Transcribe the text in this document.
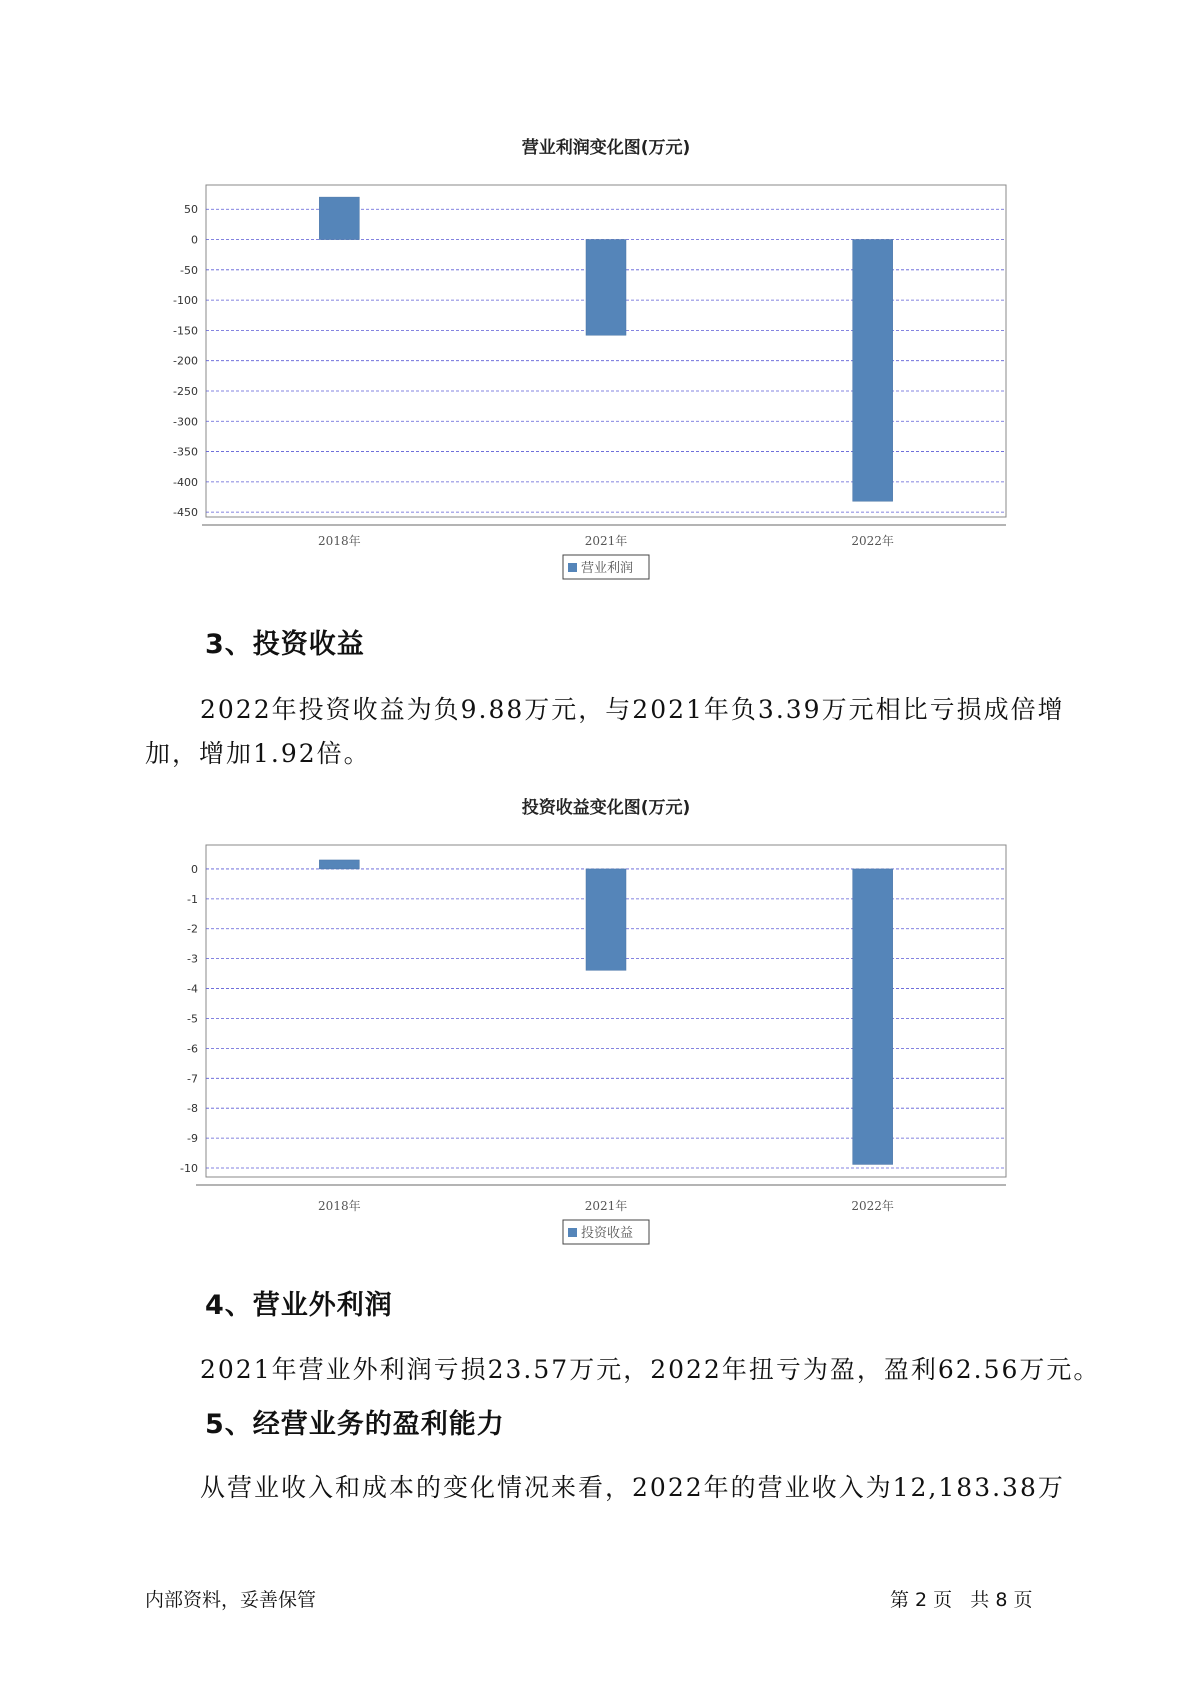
营业利润变化图(万元)
50
0
-50
-100
-150
-200
-250
-300
-350
-400
-450
2018年	2021年	2022年
营业利润
3、投资收益

2022年投资收益为负9.88万元，与2021年负3.39万元相比亏损成倍增

加，增加1.92倍。

投资收益变化图(万元)
0
-1
-2
-3
-4
-5
-6
-7
-8
-9
-10
2018年	2021年	2022年
投资收益
4、营业外利润

2021年营业外利润亏损23.57万元，2022年扭亏为盈，盈利62.56万元。

5、经营业务的盈利能力

从营业收入和成本的变化情况来看，2022年的营业收入为12,183.38万

内部资料，妥善保管	第 2 页   共 8 页
